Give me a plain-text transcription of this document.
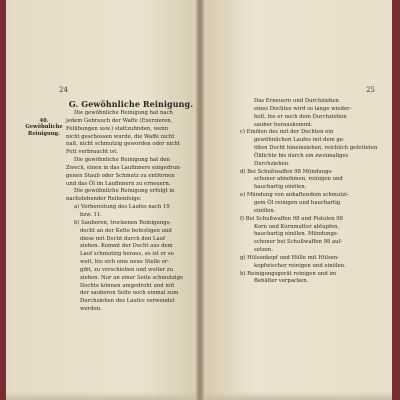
24
40.
Gewöhnliche
Reinigung.
G. Gewöhnliche Reinigung.
Die gewöhnliche Reinigung hat nach
jedem Gebrauch der Waffe (Exerzieren,
Felübungen usw.) stattzufinden, wenn
nicht geschossen wurde, die Waffe nicht
naß, nicht schmutzig geworden oder nicht
Fett verbraucht ist.
Die gewöhnliche Reinigung hat den
Zweck, einen in das Laufinnere eingedrun-
genen Staub oder Schmutz zu entfernen
und das Öl im Laufinnern zu erneuern.
Die gewöhnliche Reinigung erfolgt in
nachstehender Reihenfolge:
a) Vorbereitung des Laufes nach 19
bzw. 11.
b) Sauberen, trockenen Reinigungs-
docht an der Kette befestigen und
diese mit Docht durch den Lauf
ziehen. Kommt der Docht aus dem
Lauf schmutzig heraus, so ist er so
weit, bis sich eine neue Stelle er-
gibt, zu verschieben und weiter zu
ziehen. Nur an einer Seite schmutzige
Dochte können umgedreht und mit
der sauberen Seite noch einmal zum
Durchziehen des Laufes verwendet
werden.
25
Das Erneuern und Durchziehen
eines Dochtes wird so lange wieder-
holt, bis er noch dem Durchziehen
sauber herauskommt.
c) Einölen des mit der Dochten ein
gewöhnlichen Laufes mit dem ge-
ölten Docht hineinziehen, reichlich gefetteten
Öldichte bis durch ein zweimaliges
Durchziehen.
d) Bei Schußwaffen 98 Mündungs-
schoner abnehmen, reinigen und
hauchartig einölen.
e) Mündung von anhaftendem schmutzi-
gem Öl reinigen und hauchartig
einölen.
f) Bei Schußwaffen 98 und Pistolen 98
Korn und Kornmutter abtupfen,
hauchartig einölen. Mündungs-
schoner bei Schußwaffen 98 auf-
setzen.
g) Hülsenkopf und Hülle mit Hülsen-
kopfwischer reinigen und einölen.
h) Reinigungsgerät reinigen und im
Behälter verpacken.
